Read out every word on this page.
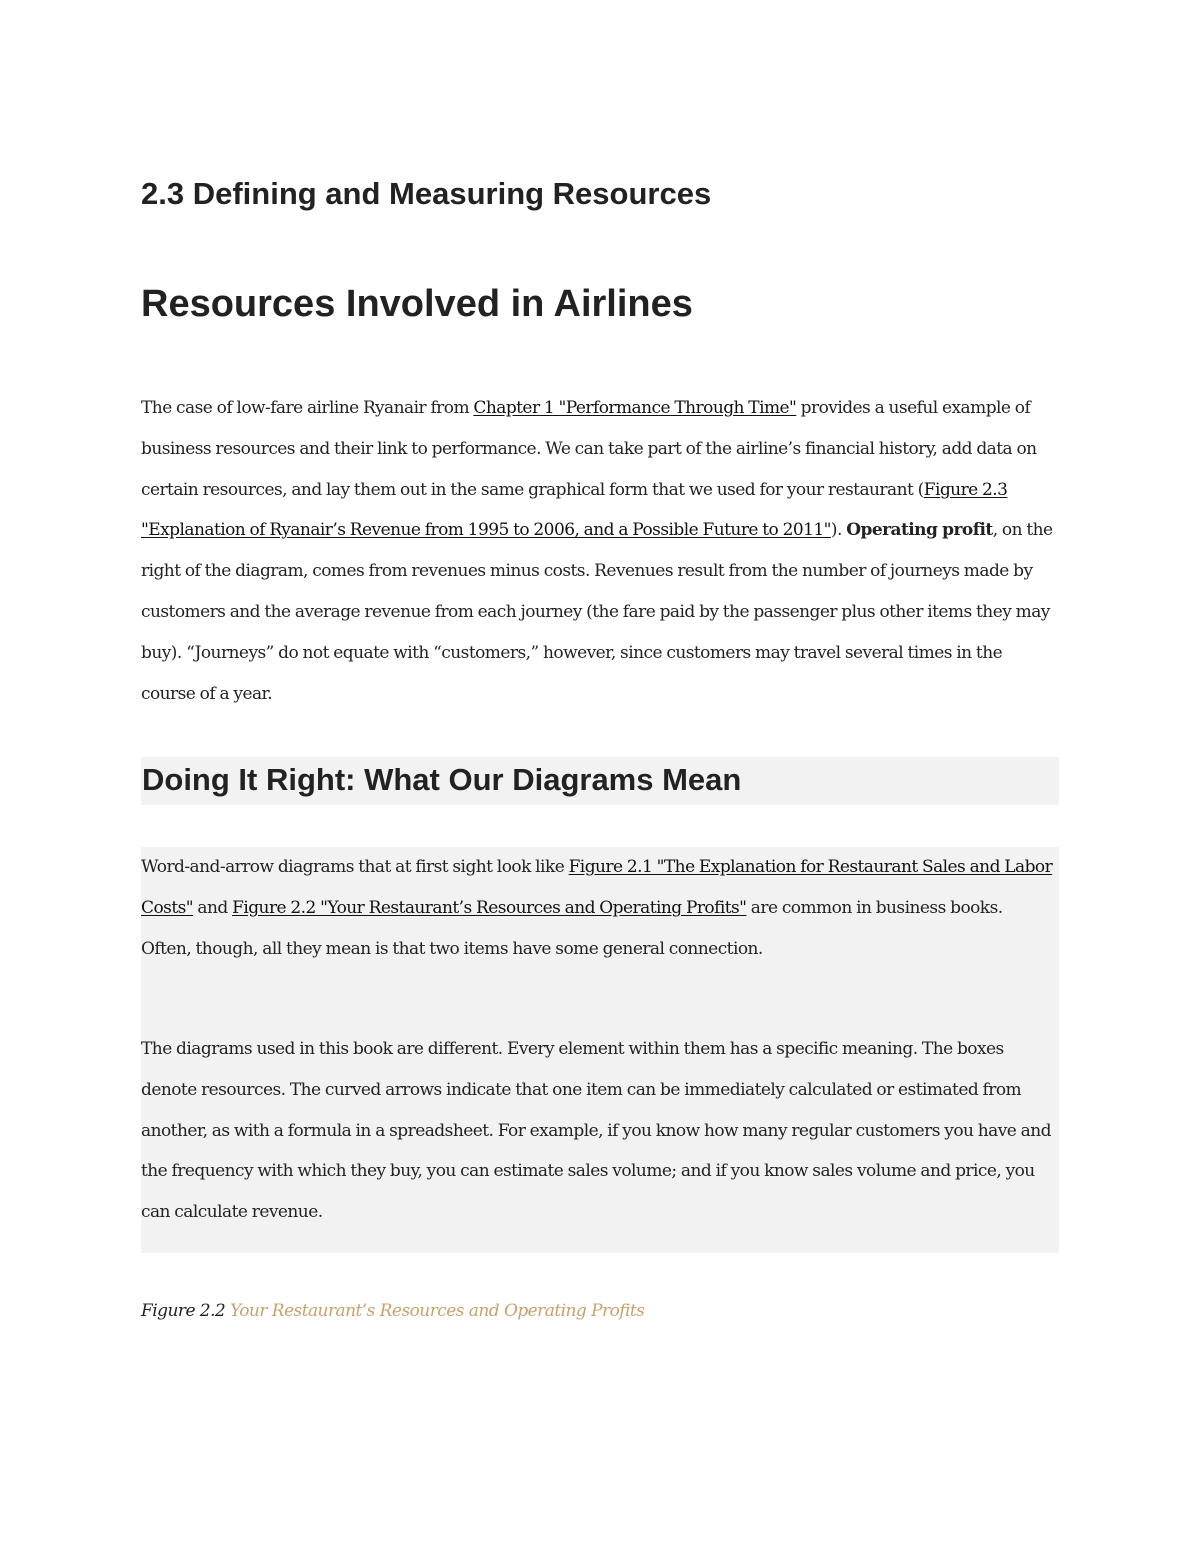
2.3 Defining and Measuring Resources
Resources Involved in Airlines

The case of low-fare airline Ryanair from Chapter 1 "Performance Through Time" provides a useful example of business resources and their link to performance. We can take part of the airline’s financial history, add data on certain resources, and lay them out in the same graphical form that we used for your restaurant (Figure 2.3 "Explanation of Ryanair’s Revenue from 1995 to 2006, and a Possible Future to 2011"). Operating profit, on the right of the diagram, comes from revenues minus costs. Revenues result from the number of journeys made by customers and the average revenue from each journey (the fare paid by the passenger plus other items they may buy). “Journeys” do not equate with “customers,” however, since customers may travel several times in the course of a year.

Doing It Right: What Our Diagrams Mean

Word-and-arrow diagrams that at first sight look like Figure 2.1 "The Explanation for Restaurant Sales and Labor Costs" and Figure 2.2 "Your Restaurant’s Resources and Operating Profits" are common in business books. Often, though, all they mean is that two items have some general connection.

The diagrams used in this book are different. Every element within them has a specific meaning. The boxes denote resources. The curved arrows indicate that one item can be immediately calculated or estimated from another, as with a formula in a spreadsheet. For example, if you know how many regular customers you have and the frequency with which they buy, you can estimate sales volume; and if you know sales volume and price, you can calculate revenue.

Figure 2.2 Your Restaurant’s Resources and Operating Profits
